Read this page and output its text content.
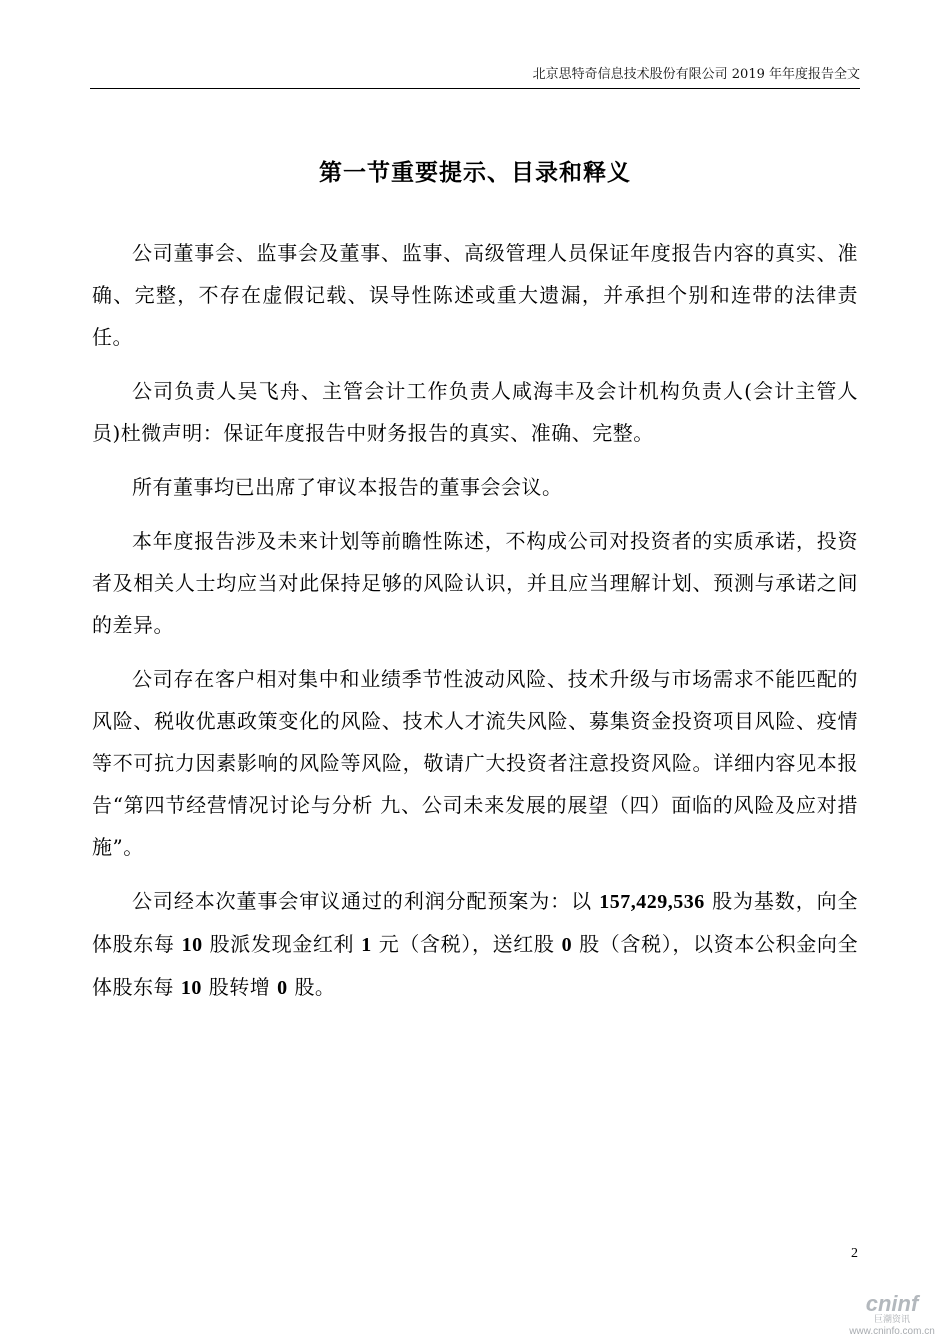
北京思特奇信息技术股份有限公司 2019 年年度报告全文
第一节重要提示、目录和释义

公司董事会、监事会及董事、监事、高级管理人员保证年度报告内容的真实、准确、完整，不存在虚假记载、误导性陈述或重大遗漏，并承担个别和连带的法律责任。

公司负责人吴飞舟、主管会计工作负责人咸海丰及会计机构负责人(会计主管人员)杜微声明：保证年度报告中财务报告的真实、准确、完整。

所有董事均已出席了审议本报告的董事会会议。

本年度报告涉及未来计划等前瞻性陈述，不构成公司对投资者的实质承诺，投资者及相关人士均应当对此保持足够的风险认识，并且应当理解计划、预测与承诺之间的差异。

公司存在客户相对集中和业绩季节性波动风险、技术升级与市场需求不能匹配的风险、税收优惠政策变化的风险、技术人才流失风险、募集资金投资项目风险、疫情等不可抗力因素影响的风险等风险，敬请广大投资者注意投资风险。详细内容见本报告“第四节经营情况讨论与分析 九、公司未来发展的展望（四）面临的风险及应对措施”。

公司经本次董事会审议通过的利润分配预案为：以 157,429,536 股为基数，向全体股东每 10 股派发现金红利 1 元（含税），送红股 0 股（含税），以资本公积金向全体股东每 10 股转增 0 股。

2
cninf
巨潮资讯
www.cninfo.com.cn
